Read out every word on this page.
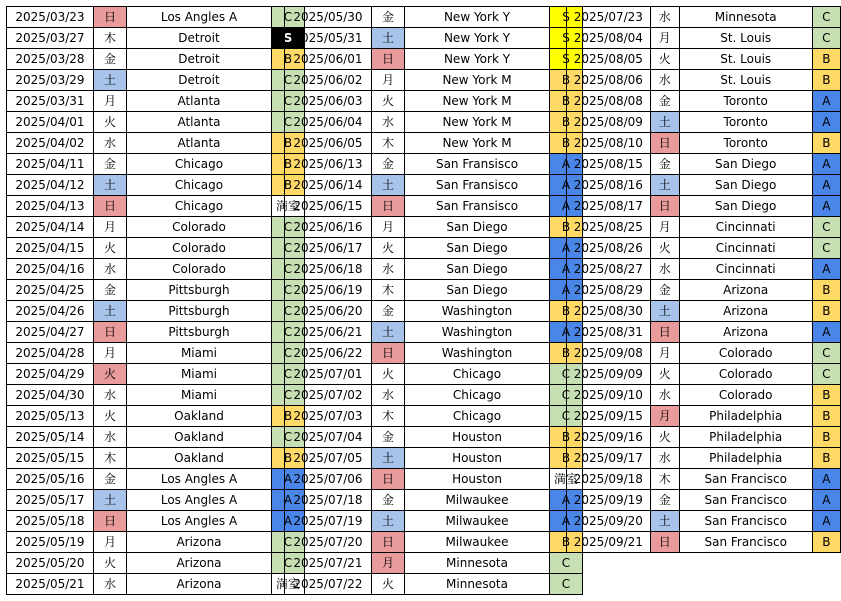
2025/03/23	日	Los Angles A	C
2025/03/27	木	Detroit	S
2025/03/28	金	Detroit	B
2025/03/29	土	Detroit	C
2025/03/31	月	Atlanta	C
2025/04/01	火	Atlanta	C
2025/04/02	水	Atlanta	B
2025/04/11	金	Chicago	B
2025/04/12	土	Chicago	B
2025/04/13	日	Chicago	満室
2025/04/14	月	Colorado	C
2025/04/15	火	Colorado	C
2025/04/16	水	Colorado	C
2025/04/25	金	Pittsburgh	C
2025/04/26	土	Pittsburgh	C
2025/04/27	日	Pittsburgh	C
2025/04/28	月	Miami	C
2025/04/29	火	Miami	C
2025/04/30	水	Miami	C
2025/05/13	火	Oakland	B
2025/05/14	水	Oakland	C
2025/05/15	木	Oakland	B
2025/05/16	金	Los Angles A	A
2025/05/17	土	Los Angles A	A
2025/05/18	日	Los Angles A	A
2025/05/19	月	Arizona	C
2025/05/20	火	Arizona	C
2025/05/21	水	Arizona	満室
2025/05/30	金	New York Y	S
2025/05/31	土	New York Y	S
2025/06/01	日	New York Y	S
2025/06/02	月	New York M	B
2025/06/03	火	New York M	B
2025/06/04	水	New York M	B
2025/06/05	木	New York M	B
2025/06/13	金	San Fransisco	A
2025/06/14	土	San Fransisco	A
2025/06/15	日	San Fransisco	A
2025/06/16	月	San Diego	B
2025/06/17	火	San Diego	A
2025/06/18	水	San Diego	A
2025/06/19	木	San Diego	A
2025/06/20	金	Washington	B
2025/06/21	土	Washington	A
2025/06/22	日	Washington	B
2025/07/01	火	Chicago	C
2025/07/02	水	Chicago	C
2025/07/03	木	Chicago	C
2025/07/04	金	Houston	B
2025/07/05	土	Houston	B
2025/07/06	日	Houston	満室
2025/07/18	金	Milwaukee	A
2025/07/19	土	Milwaukee	A
2025/07/20	日	Milwaukee	B
2025/07/21	月	Minnesota	C
2025/07/22	火	Minnesota	C
2025/07/23	水	Minnesota	C
2025/08/04	月	St. Louis	C
2025/08/05	火	St. Louis	B
2025/08/06	水	St. Louis	B
2025/08/08	金	Toronto	A
2025/08/09	土	Toronto	A
2025/08/10	日	Toronto	B
2025/08/15	金	San Diego	A
2025/08/16	土	San Diego	A
2025/08/17	日	San Diego	A
2025/08/25	月	Cincinnati	C
2025/08/26	火	Cincinnati	C
2025/08/27	水	Cincinnati	A
2025/08/29	金	Arizona	B
2025/08/30	土	Arizona	B
2025/08/31	日	Arizona	A
2025/09/08	月	Colorado	C
2025/09/09	火	Colorado	C
2025/09/10	水	Colorado	B
2025/09/15	月	Philadelphia	B
2025/09/16	火	Philadelphia	B
2025/09/17	水	Philadelphia	B
2025/09/18	木	San Francisco	A
2025/09/19	金	San Francisco	A
2025/09/20	土	San Francisco	A
2025/09/21	日	San Francisco	B
